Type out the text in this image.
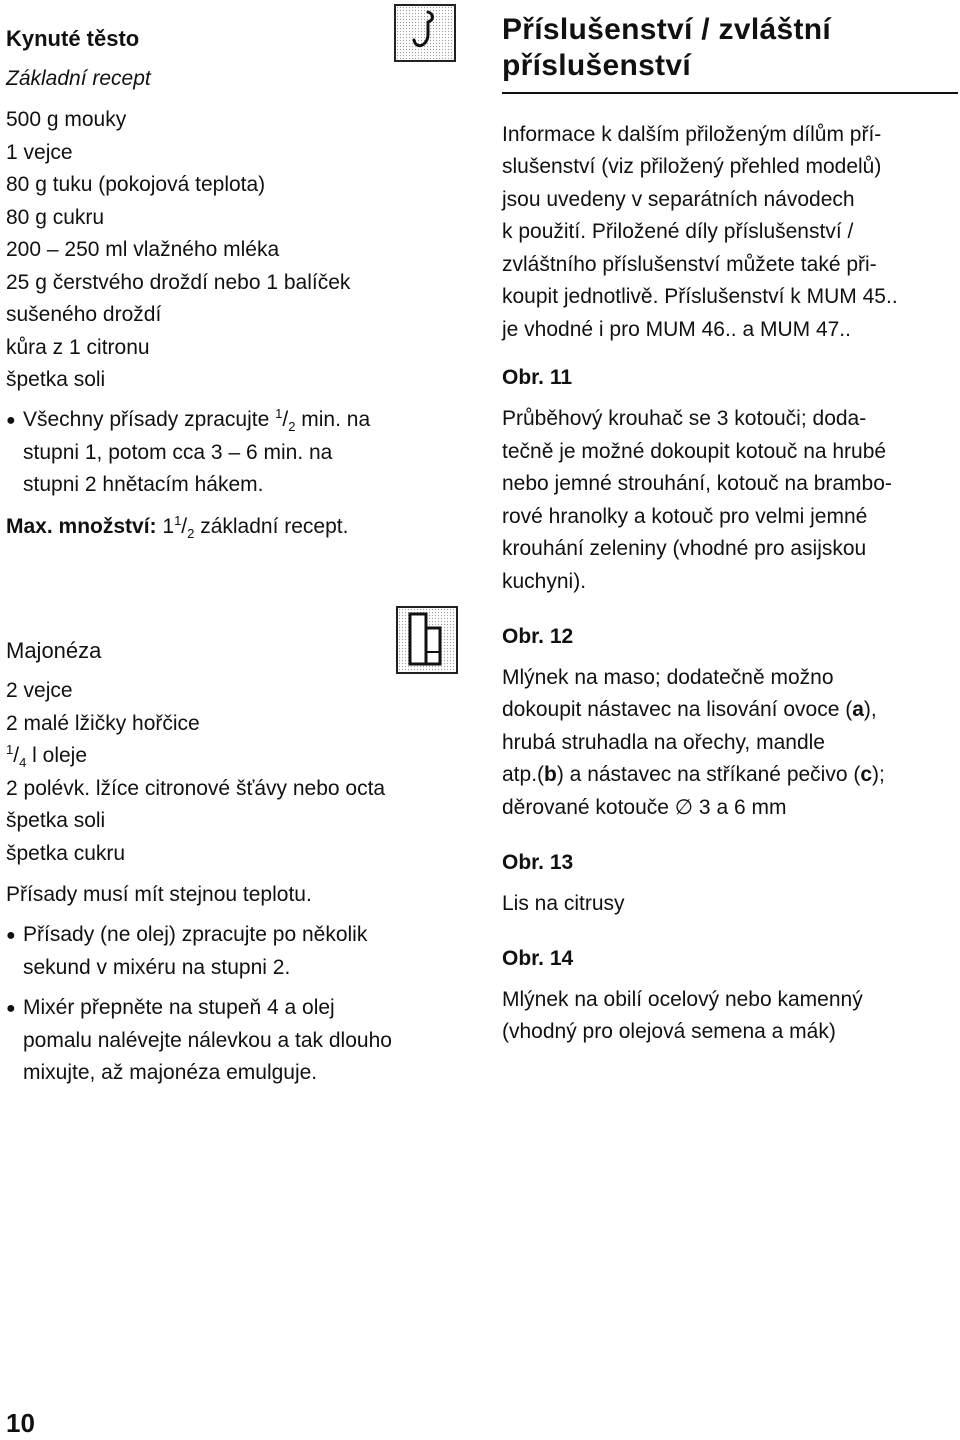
Kynuté těsto
Základní recept
500 g mouky
1 vejce
80 g tuku (pokojová teplota)
80 g cukru
200 – 250 ml vlažného mléka
25 g čerstvého droždí nebo 1 balíček
sušeného droždí
kůra z 1 citronu
špetka soli
● Všechny přísady zpracujte $^1/_2$ min. na
stupni 1, potom cca 3 – 6 min. na
stupni 2 hnětacím hákem.
Max. množství: $1^1/_2$ základní recept.
Majonéza
2 vejce
2 malé lžičky hořčice
$^1/_4$ l oleje
2 polévk. lžíce citronové šťávy nebo octa
špetka soli
špetka cukru
Přísady musí mít stejnou teplotu.
● Přísady (ne olej) zpracujte po několik
sekund v mixéru na stupni 2.
● Mixér přepněte na stupeň 4 a olej
pomalu nalévejte nálevkou a tak dlouho
mixujte, až majonéza emulguje.
Příslušenství / zvláštní
příslušenství
Informace k dalším přiloženým dílům pří-
slušenství (viz přiložený přehled modelů)
jsou uvedeny v separátních návodech
k použití. Přiložené díly příslušenství /
zvláštního příslušenství můžete také při-
koupit jednotlivě. Příslušenství k MUM 45..
je vhodné i pro MUM 46.. a MUM 47..
Obr. 11
Průběhový krouhač se 3 kotouči; doda-
tečně je možné dokoupit kotouč na hrubé
nebo jemné strouhání, kotouč na brambo-
rové hranolky a kotouč pro velmi jemné
krouhání zeleniny (vhodné pro asijskou
kuchyni).
Obr. 12
Mlýnek na maso; dodatečně možno
dokoupit nástavec na lisování ovoce (a),
hrubá struhadla na ořechy, mandle
atp.(b) a nástavec na stříkané pečivo (c);
děrované kotouče ∅ 3 a 6 mm
Obr. 13
Lis na citrusy
Obr. 14
Mlýnek na obilí ocelový nebo kamenný
(vhodný pro olejová semena a mák)
10
